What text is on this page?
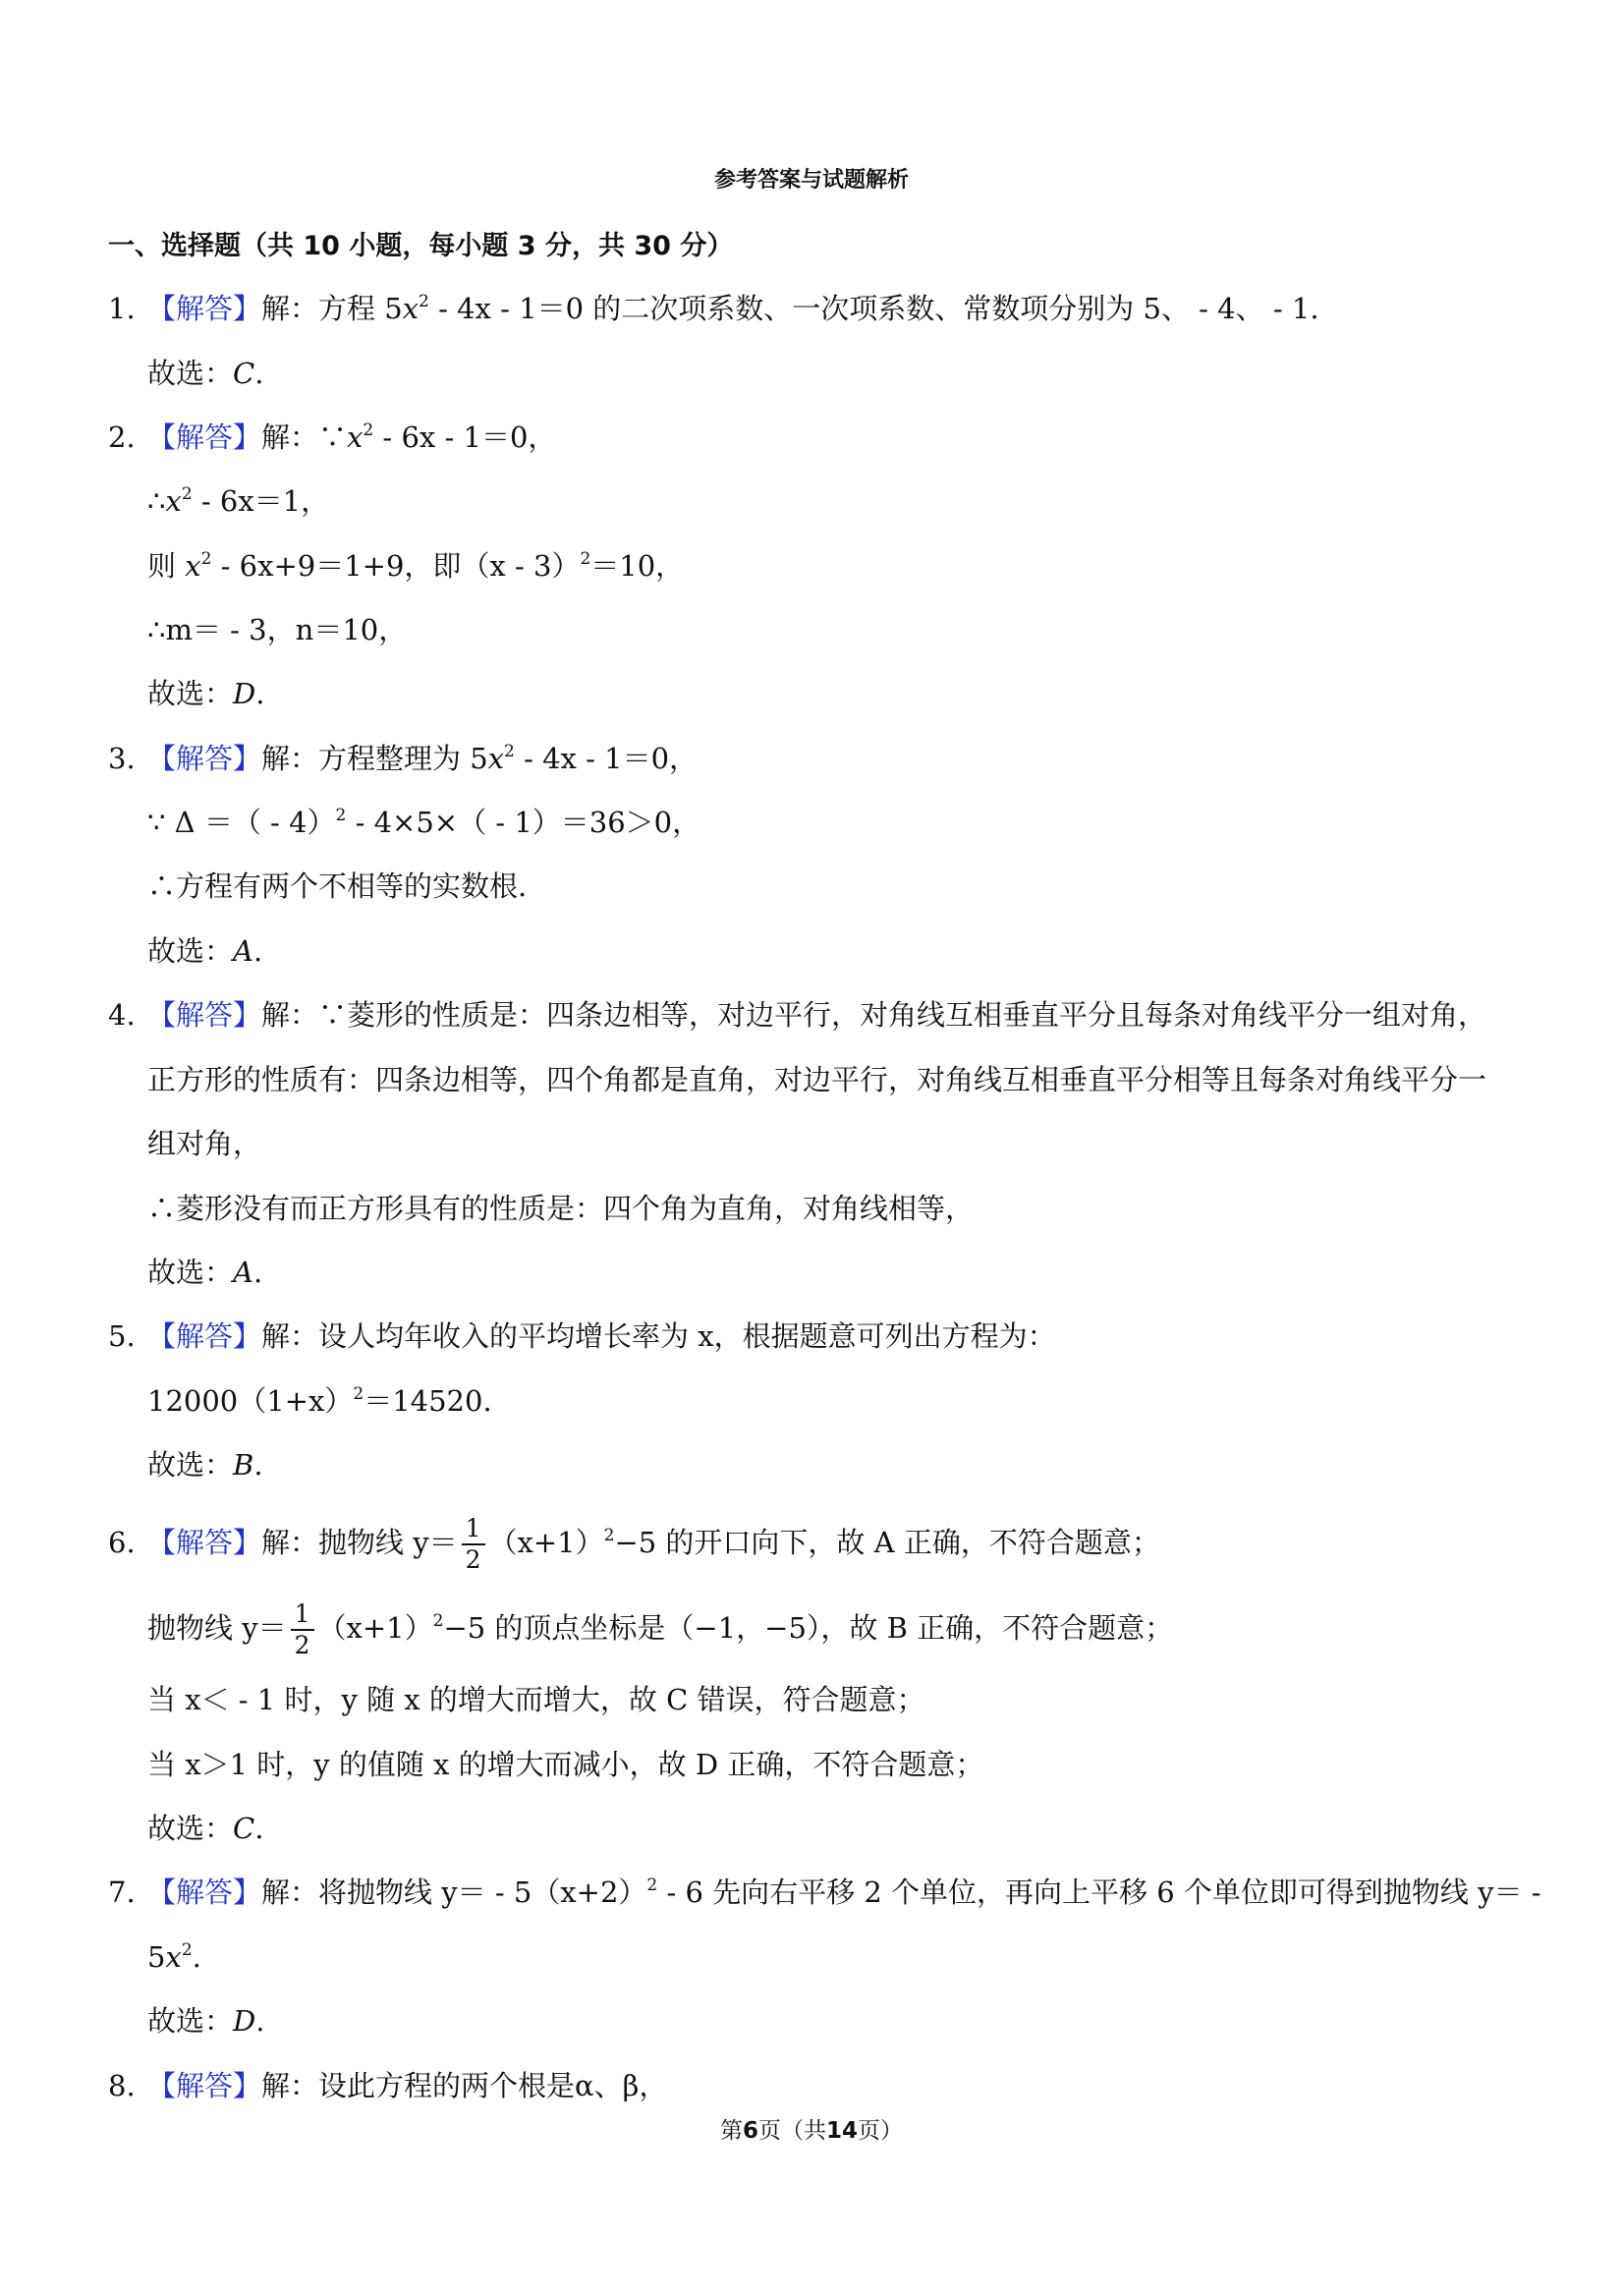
参考答案与试题解析
一、选择题（共 10 小题，每小题 3 分，共 30 分）
1. 【解答】解：方程 $5x^2 - 4x - 1=0$ 的二次项系数、一次项系数、常数项分别为 5、 - 4、 - 1.
故选：C.
2. 【解答】解：$\because x^2 - 6x - 1=0$，
$\therefore x^2 - 6x=1$，
则 $x^2 - 6x+9=1+9$，即（x - 3）$^2$＝10，
∴m＝ - 3，n＝10，
故选：D.
3. 【解答】解：方程整理为 $5x^2 - 4x - 1=0$，
∵ Δ ＝（ - 4）$^2$ - 4×5×（ - 1）＝36＞0，
∴方程有两个不相等的实数根.
故选：A.
4. 【解答】解：∵菱形的性质是：四条边相等，对边平行，对角线互相垂直平分且每条对角线平分一组对角，
正方形的性质有：四条边相等，四个角都是直角，对边平行，对角线互相垂直平分相等且每条对角线平分一
组对角，
∴菱形没有而正方形具有的性质是：四个角为直角，对角线相等，
故选：A.
5. 【解答】解：设人均年收入的平均增长率为 x，根据题意可列出方程为：
$12000(1+x)^2=14520$.
故选：B.
6. 【解答】解：抛物线 $y= \frac{1}{2} (x+1)^2-5$ 的开口向下，故 A 正确，不符合题意；
抛物线 $y= \frac{1}{2} (x+1)^2-5$ 的顶点坐标是（−1，−5），故 B 正确，不符合题意；
当 x＜ - 1 时，y 随 x 的增大而增大，故 C 错误，符合题意；
当 x＞1 时，y 的值随 x 的增大而减小，故 D 正确，不符合题意；
故选：C.
7. 【解答】解：将抛物线 $y= - 5(x+2)^2 - 6$ 先向右平移 2 个单位，再向上平移 6 个单位即可得到抛物线 y＝ -
$5x^2$.
故选：D.
8. 【解答】解：设此方程的两个根是α、β，
第6页（共14页）
